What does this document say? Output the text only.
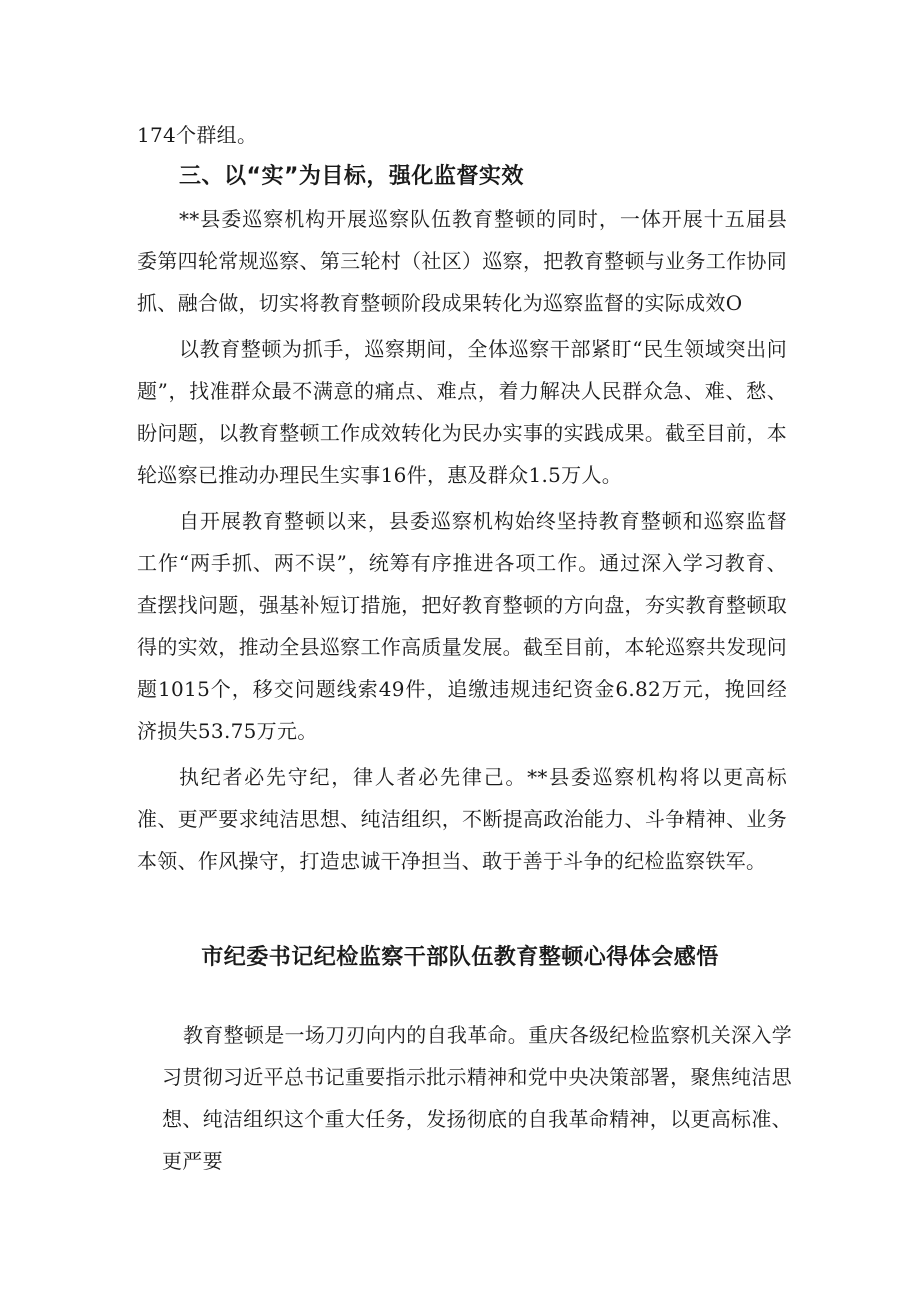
174个群组。

三、以“实”为目标，强化监督实效

**县委巡察机构开展巡察队伍教育整顿的同时，一体开展十五届县委第四轮常规巡察、第三轮村（社区）巡察，把教育整顿与业务工作协同抓、融合做，切实将教育整顿阶段成果转化为巡察监督的实际成效O

以教育整顿为抓手，巡察期间，全体巡察干部紧盯“民生领域突出问题”，找准群众最不满意的痛点、难点，着力解决人民群众急、难、愁、盼问题，以教育整顿工作成效转化为民办实事的实践成果。截至目前，本轮巡察已推动办理民生实事16件，惠及群众1.5万人。

自开展教育整顿以来，县委巡察机构始终坚持教育整顿和巡察监督工作“两手抓、两不误”，统筹有序推进各项工作。通过深入学习教育、查摆找问题，强基补短订措施，把好教育整顿的方向盘，夯实教育整顿取得的实效，推动全县巡察工作高质量发展。截至目前，本轮巡察共发现问题1015个，移交问题线索49件，追缴违规违纪资金6.82万元，挽回经济损失53.75万元。

执纪者必先守纪，律人者必先律己。**县委巡察机构将以更高标准、更严要求纯洁思想、纯洁组织，不断提高政治能力、斗争精神、业务本领、作风操守，打造忠诚干净担当、敢于善于斗争的纪检监察铁军。

市纪委书记纪检监察干部队伍教育整顿心得体会感悟

教育整顿是一场刀刃向内的自我革命。重庆各级纪检监察机关深入学习贯彻习近平总书记重要指示批示精神和党中央决策部署，聚焦纯洁思想、纯洁组织这个重大任务，发扬彻底的自我革命精神，以更高标准、更严要
